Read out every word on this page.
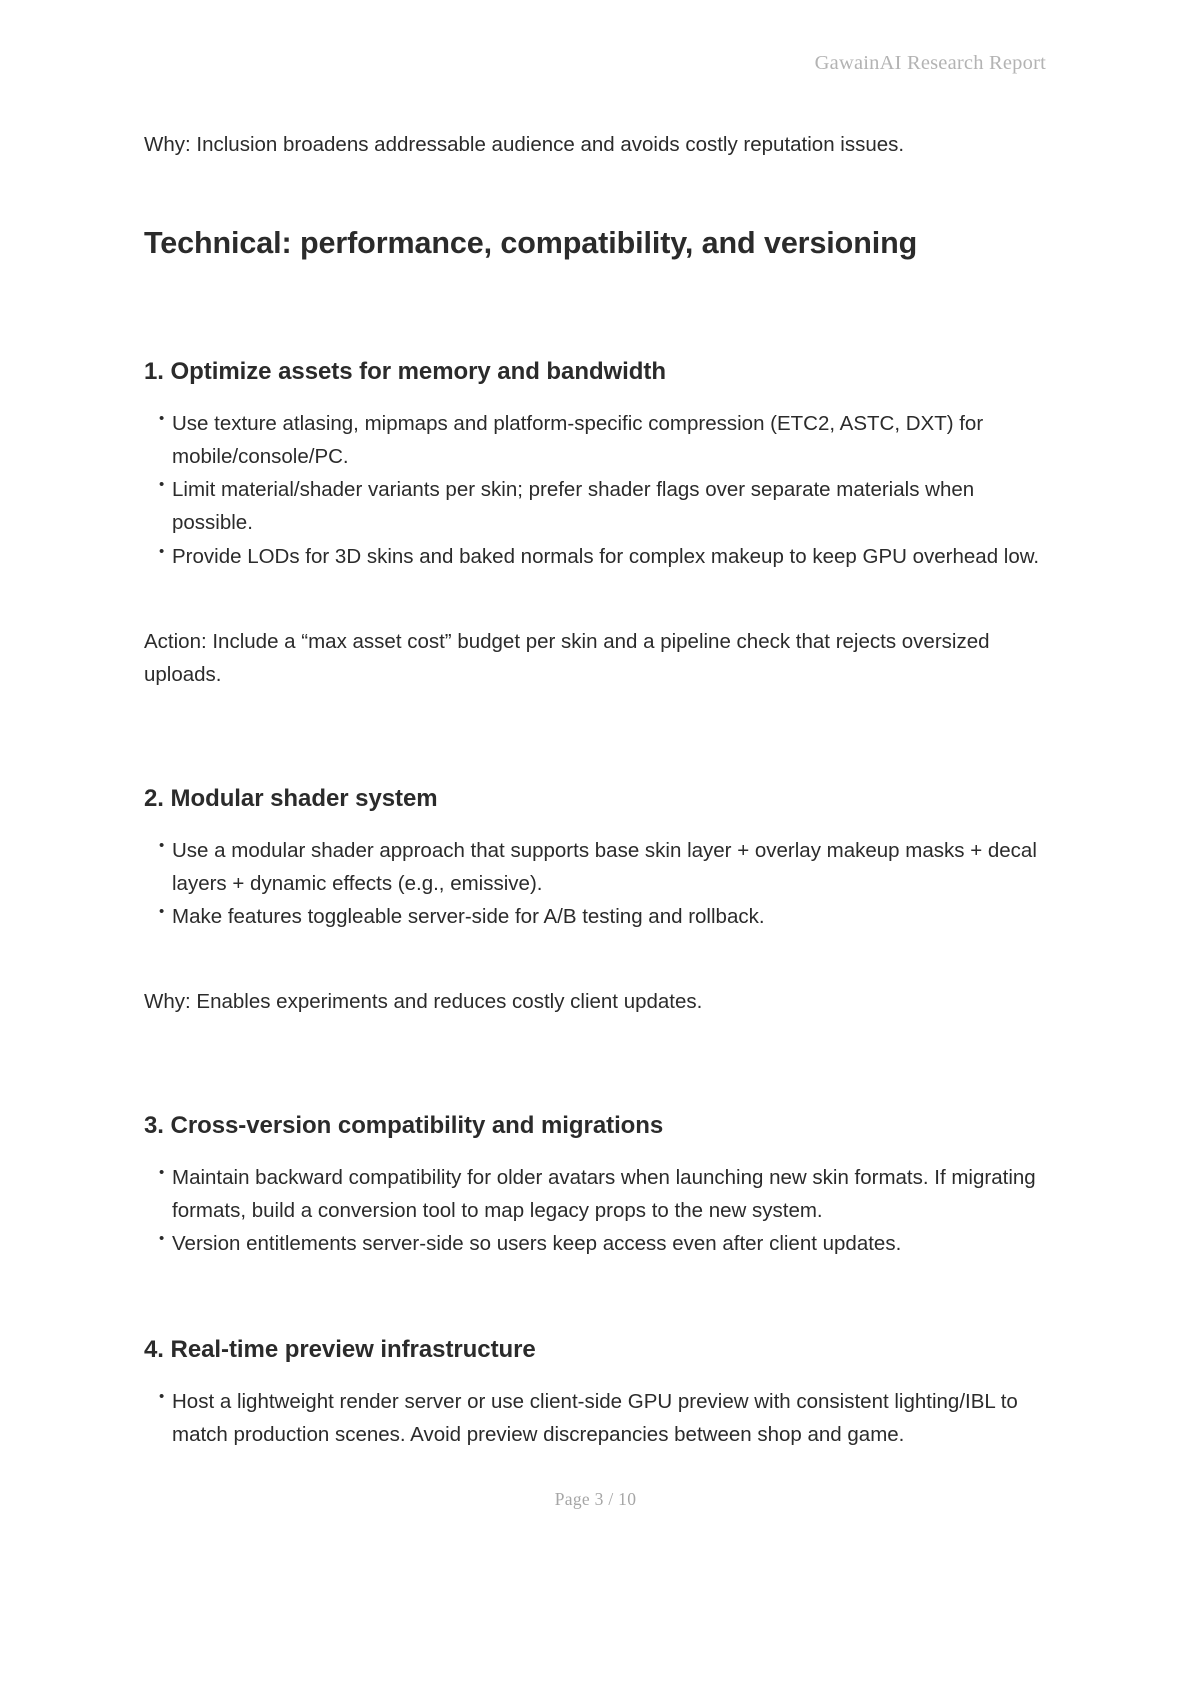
GawainAI Research Report

Why: Inclusion broadens addressable audience and avoids costly reputation issues.

Technical: performance, compatibility, and versioning
1. Optimize assets for memory and bandwidth
• Use texture atlasing, mipmaps and platform-specific compression (ETC2, ASTC, DXT) for mobile/console/PC.
• Limit material/shader variants per skin; prefer shader flags over separate materials when possible.
• Provide LODs for 3D skins and baked normals for complex makeup to keep GPU overhead low.

Action: Include a “max asset cost” budget per skin and a pipeline check that rejects oversized uploads.

2. Modular shader system
• Use a modular shader approach that supports base skin layer + overlay makeup masks + decal layers + dynamic effects (e.g., emissive).
• Make features toggleable server-side for A/B testing and rollback.

Why: Enables experiments and reduces costly client updates.

3. Cross-version compatibility and migrations
• Maintain backward compatibility for older avatars when launching new skin formats. If migrating formats, build a conversion tool to map legacy props to the new system.
• Version entitlements server-side so users keep access even after client updates.
4. Real-time preview infrastructure
• Host a lightweight render server or use client-side GPU preview with consistent lighting/IBL to match production scenes. Avoid preview discrepancies between shop and game.
Page 3 / 10
